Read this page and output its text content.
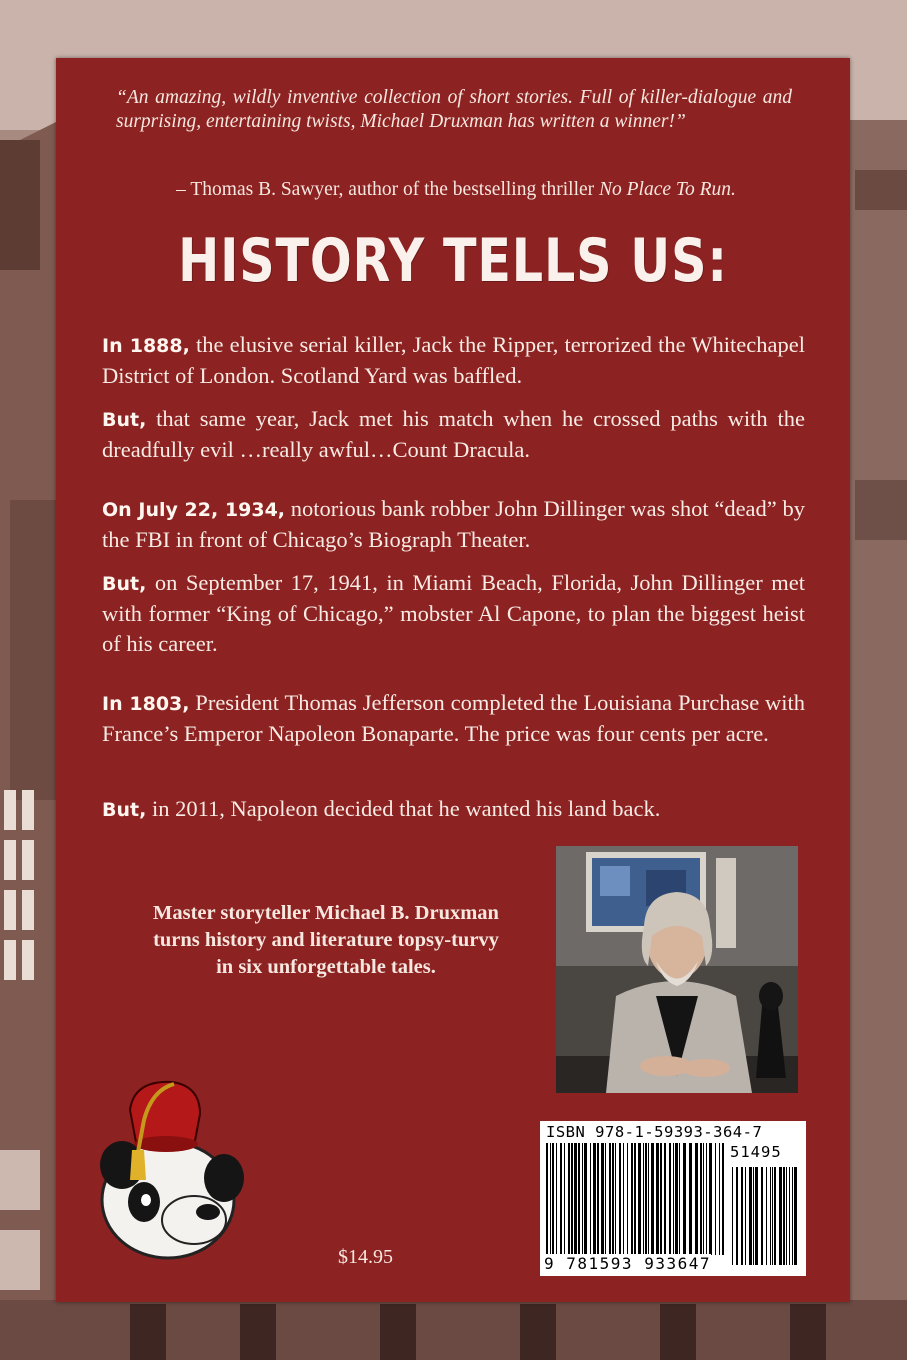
“An amazing, wildly inventive collection of short stories. Full of killer-dialogue and surprising, entertaining twists, Michael Druxman has written a winner!”

– Thomas B. Sawyer, author of the bestselling thriller No Place To Run.

HISTORY TELLS US:

In 1888, the elusive serial killer, Jack the Ripper, terrorized the Whitechapel District of London. Scotland Yard was baffled.

But, that same year, Jack met his match when he crossed paths with the dreadfully evil …really awful…Count Dracula.

On July 22, 1934, notorious bank robber John Dillinger was shot “dead” by the FBI in front of Chicago’s Biograph Theater.

But, on September 17, 1941, in Miami Beach, Florida, John Dillinger met with former “King of Chicago,” mobster Al Capone, to plan the biggest heist of his career.

In 1803, President Thomas Jefferson completed the Louisiana Purchase with France’s Emperor Napoleon Bonaparte. The price was four cents per acre.

But, in 2011, Napoleon decided that he wanted his land back.

Master storyteller Michael B. Druxman
turns history and literature topsy-turvy
in six unforgettable tales.

ISBN 978-1-59393-364-7

51495

9 781593 933647

$14.95
